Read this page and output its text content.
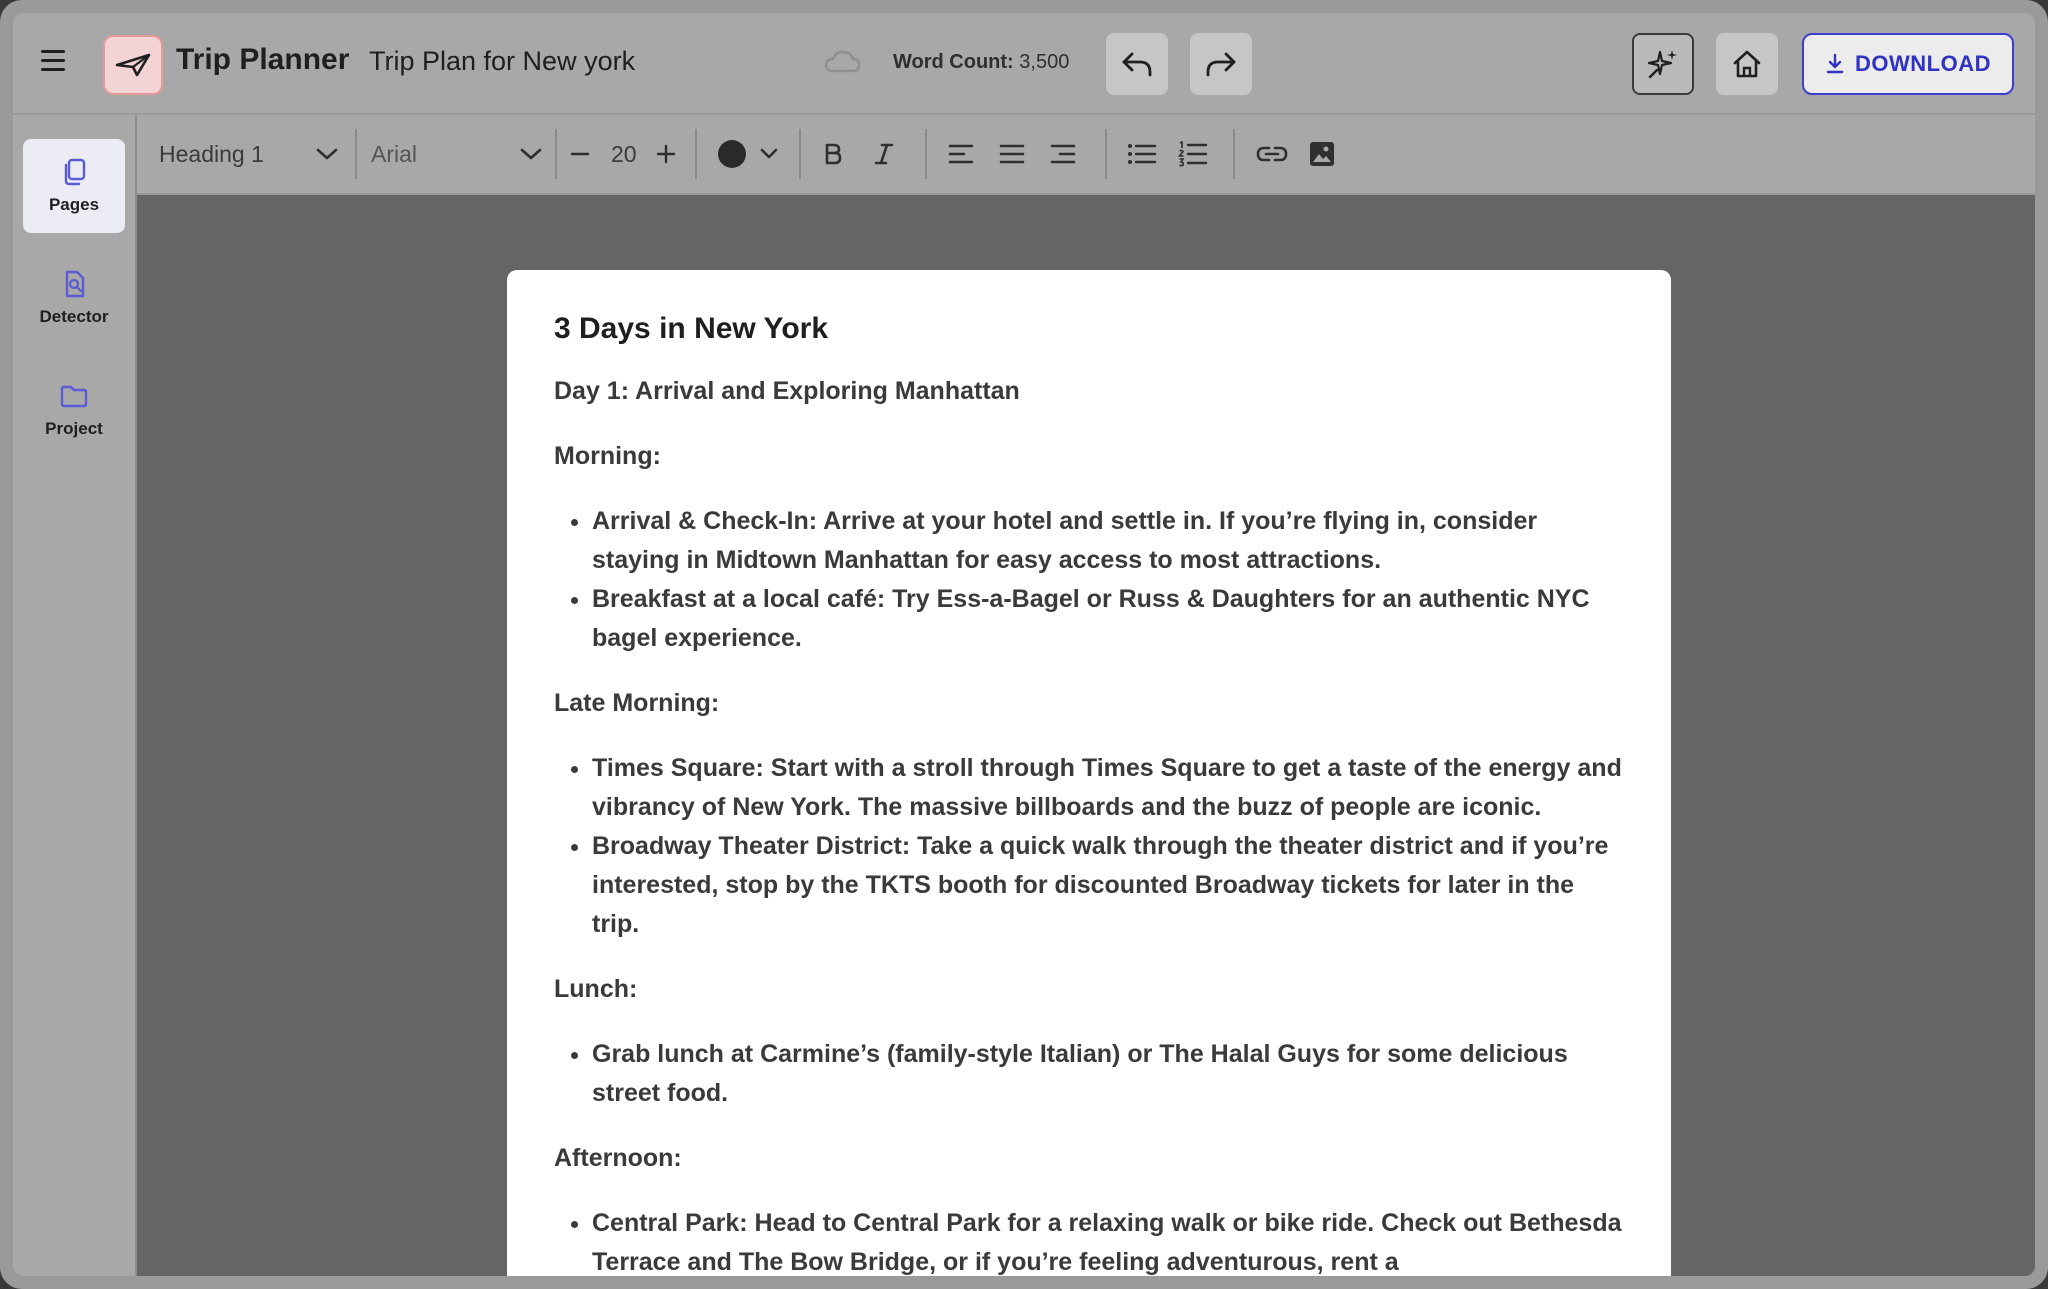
Trip Planner Trip Plan for New york	Word Count: 3,500	DOWNLOAD
Pages
Detector
Project
Heading 1	Arial	20
3 Days in New York

Day 1: Arrival and Exploring Manhattan

Morning:

• Arrival & Check-In: Arrive at your hotel and settle in. If you’re flying in, consider staying in Midtown Manhattan for easy access to most attractions.
• Breakfast at a local café: Try Ess-a-Bagel or Russ & Daughters for an authentic NYC bagel experience.

Late Morning:

• Times Square: Start with a stroll through Times Square to get a taste of the energy and vibrancy of New York. The massive billboards and the buzz of people are iconic.
• Broadway Theater District: Take a quick walk through the theater district and if you’re interested, stop by the TKTS booth for discounted Broadway tickets for later in the trip.

Lunch:

• Grab lunch at Carmine’s (family-style Italian) or The Halal Guys for some delicious street food.

Afternoon:

• Central Park: Head to Central Park for a relaxing walk or bike ride. Check out Bethesda Terrace and The Bow Bridge, or if you’re feeling adventurous, rent a
